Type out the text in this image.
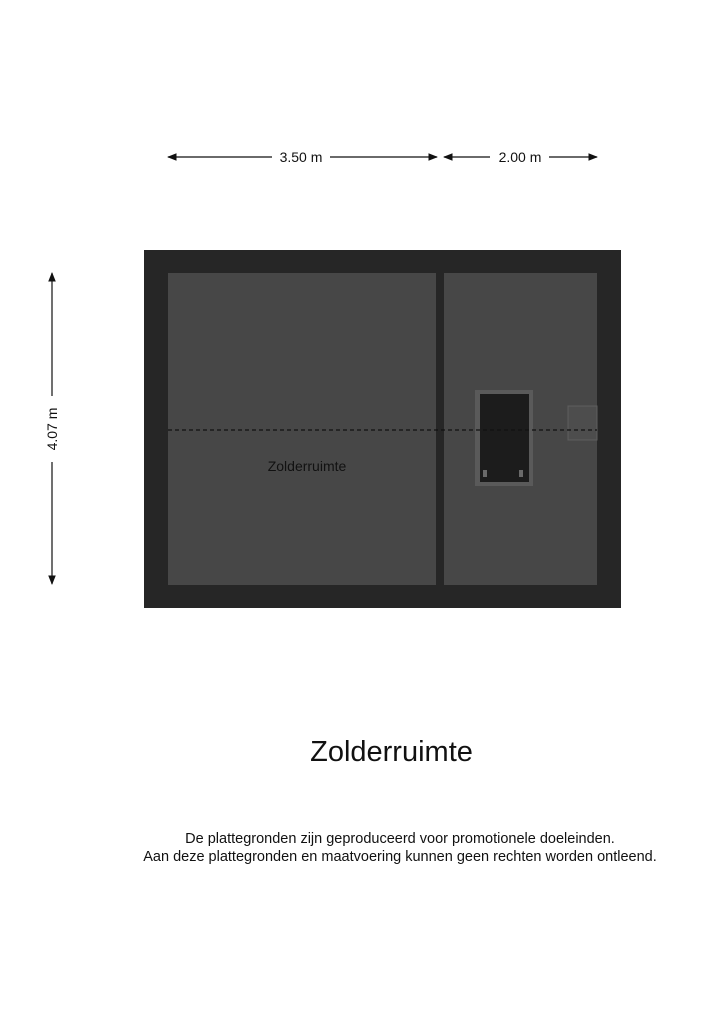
3.50 m	2.00 m
4.07 m
Zolderruimte
Zolderruimte
De plattegronden zijn geproduceerd voor promotionele doeleinden.
Aan deze plattegronden en maatvoering kunnen geen rechten worden ontleend.
